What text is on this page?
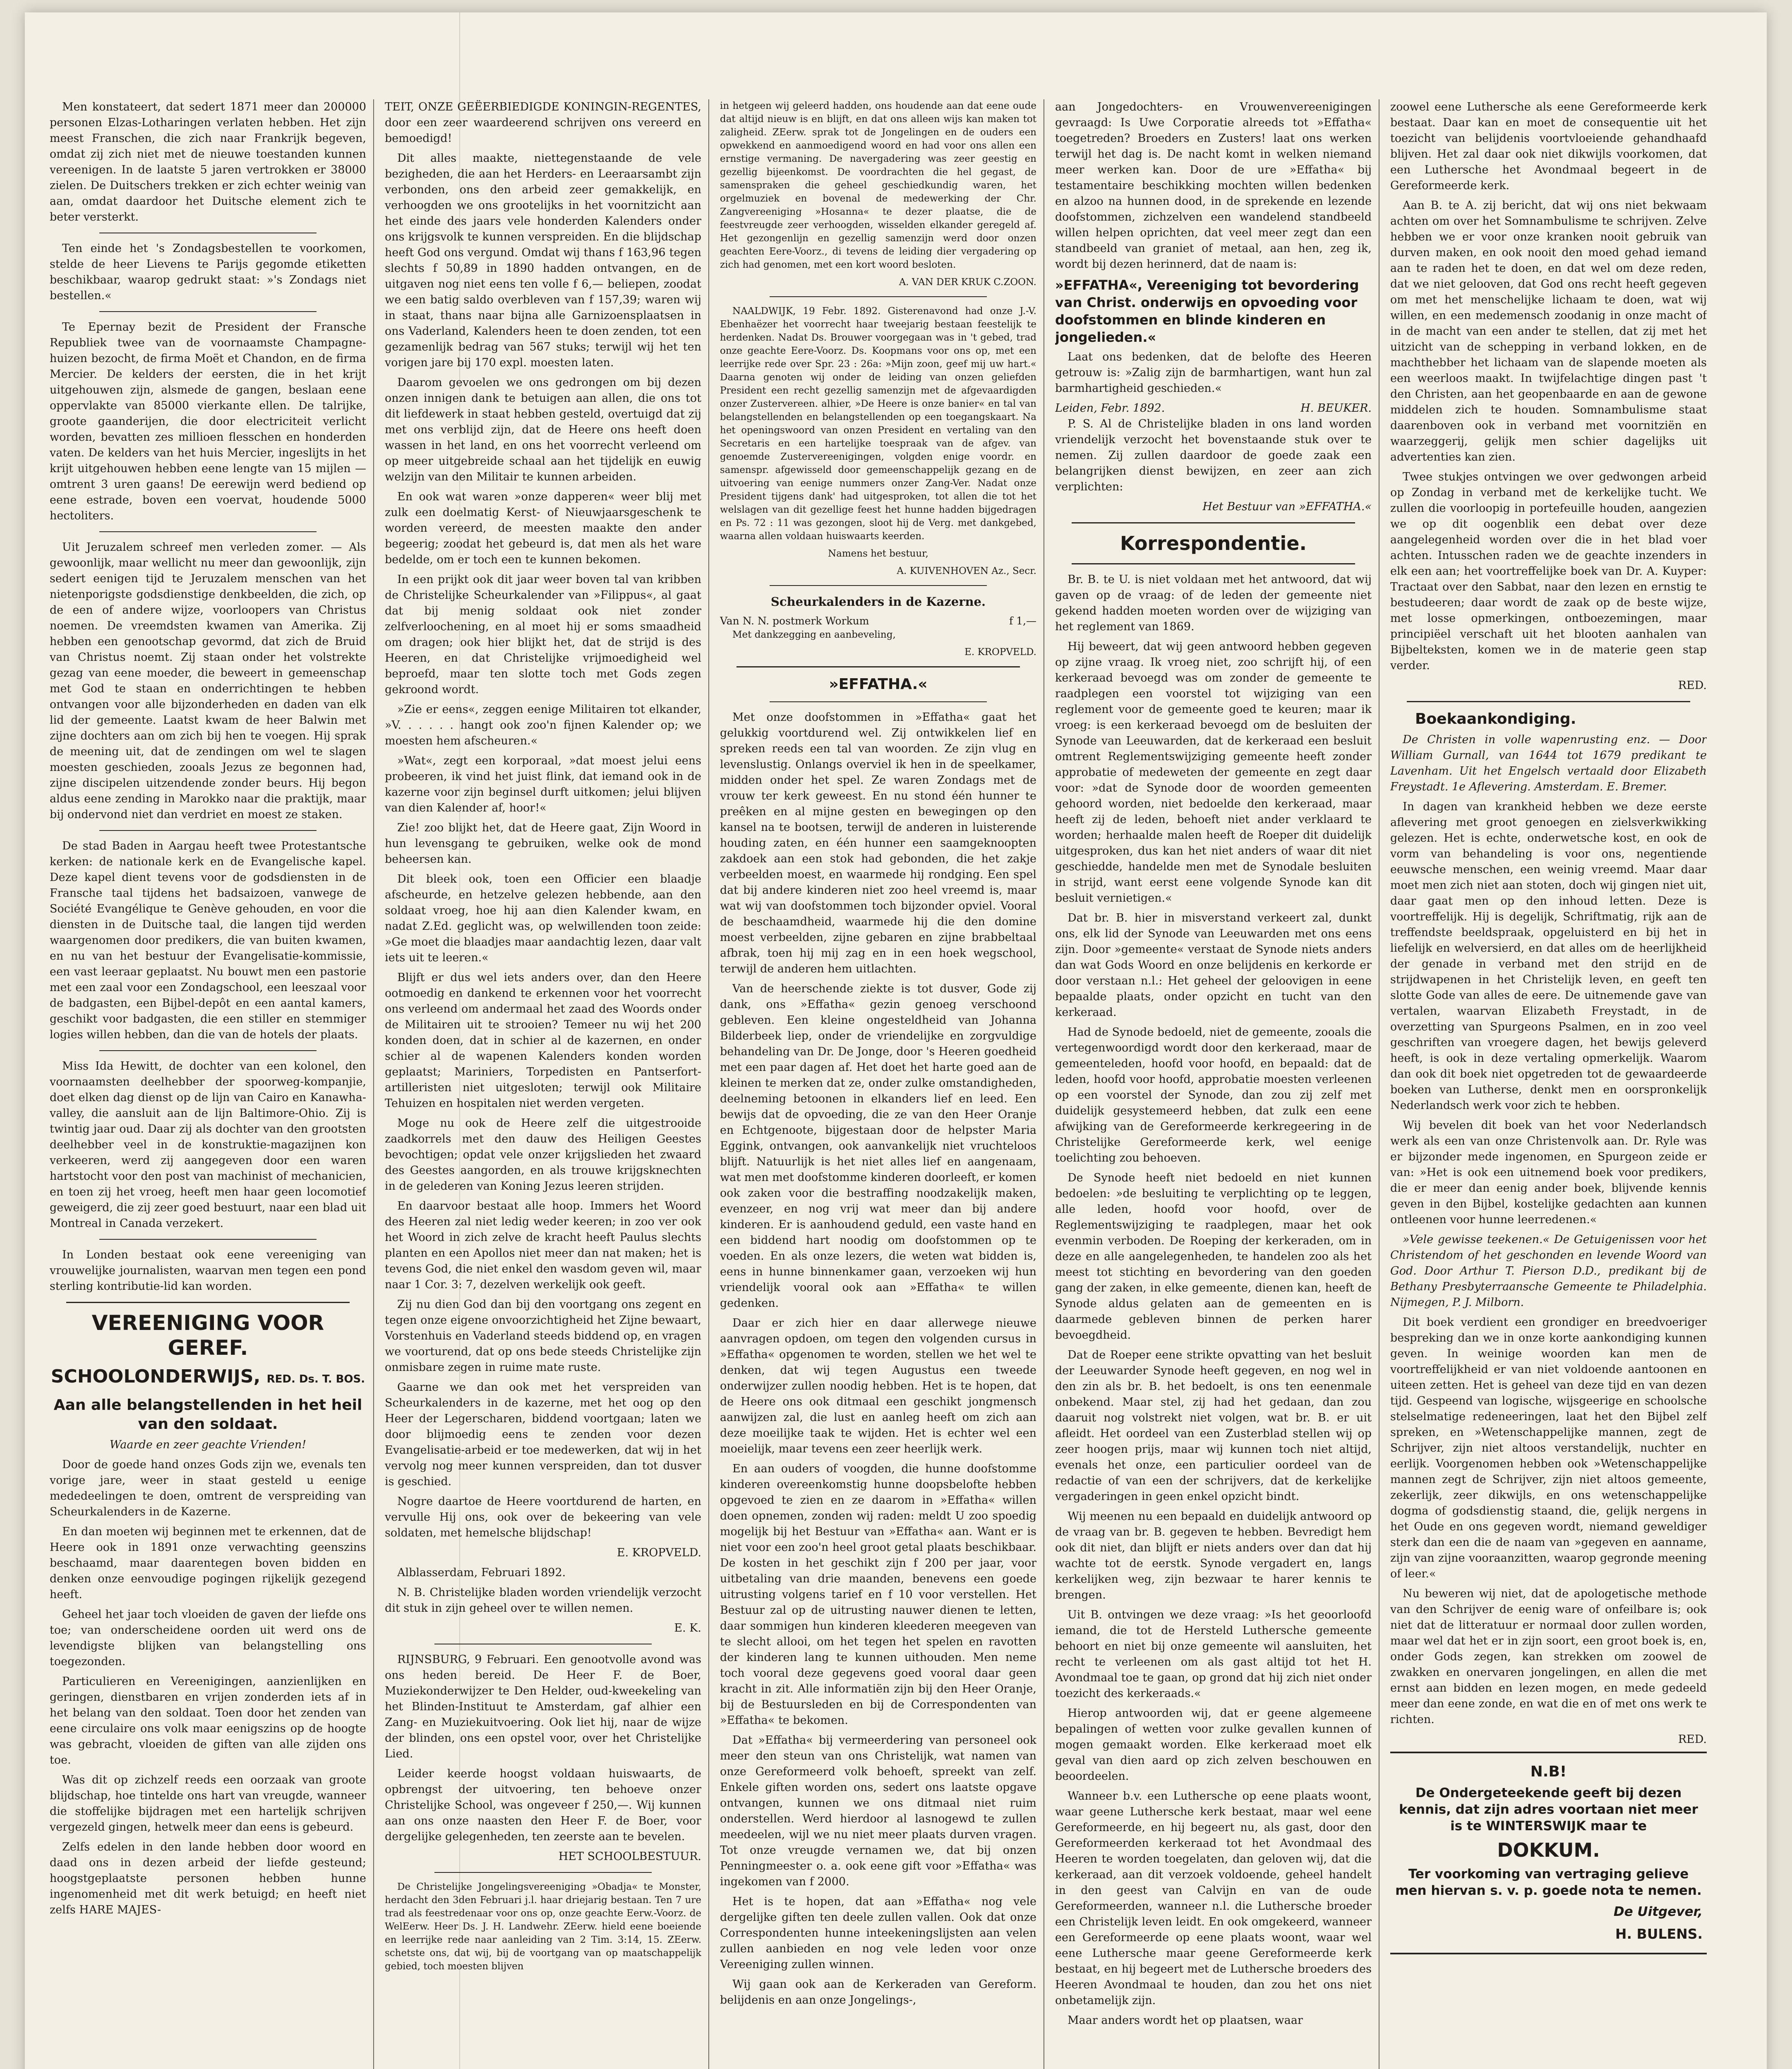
Men konstateert, dat sedert 1871 meer dan 200000 personen Elzas-Lotharingen verlaten hebben. Het zijn meest Franschen, die zich naar Frankrijk begeven, omdat zij zich niet met de nieuwe toestanden kunnen vereenigen. In de laatste 5 jaren vertrokken er 38000 zielen. De Duitschers trekken er zich echter weinig van aan, omdat daardoor het Duitsche element zich te beter versterkt.

Ten einde het 's Zondagsbestellen te voorkomen, stelde de heer Lievens te Parijs gegomde etiketten beschikbaar, waarop gedrukt staat: »'s Zondags niet bestellen.«

Te Epernay bezit de President der Fransche Republiek twee van de voornaamste Champagne-huizen bezocht, de firma Moët et Chandon, en de firma Mercier. De kelders der eersten, die in het krijt uitgehouwen zijn, alsmede de gangen, beslaan eene oppervlakte van 85000 vierkante ellen. De talrijke, groote gaanderijen, die door electriciteit verlicht worden, bevatten zes millioen flesschen en honderden vaten. De kelders van het huis Mercier, ingeslijts in het krijt uitgehouwen hebben eene lengte van 15 mijlen — omtrent 3 uren gaans! De eerewijn werd bediend op eene estrade, boven een voervat, houdende 5000 hectoliters.

Uit Jeruzalem schreef men verleden zomer. — Als gewoonlijk, maar wellicht nu meer dan gewoonlijk, zijn sedert eenigen tijd te Jeruzalem menschen van het nietenporigste godsdienstige denkbeelden, die zich, op de een of andere wijze, voorloopers van Christus noemen. De vreemdsten kwamen van Amerika. Zij hebben een genootschap gevormd, dat zich de Bruid van Christus noemt. Zij staan onder het volstrekte gezag van eene moeder, die beweert in gemeenschap met God te staan en onderrichtingen te hebben ontvangen voor alle bijzonderheden en daden van elk lid der gemeente. Laatst kwam de heer Balwin met zijne dochters aan om zich bij hen te voegen. Hij sprak de meening uit, dat de zendingen om wel te slagen moesten geschieden, zooals Jezus ze begonnen had, zijne discipelen uitzendende zonder beurs. Hij begon aldus eene zending in Marokko naar die praktijk, maar bij ondervond niet dan verdriet en moest ze staken.

De stad Baden in Aargau heeft twee Protestantsche kerken: de nationale kerk en de Evangelische kapel. Deze kapel dient tevens voor de godsdiensten in de Fransche taal tijdens het badsaizoen, vanwege de Société Evangélique te Genève gehouden, en voor die diensten in de Duitsche taal, die langen tijd werden waargenomen door predikers, die van buiten kwamen, en nu van het bestuur der Evangelisatie-kommissie, een vast leeraar geplaatst. Nu bouwt men een pastorie met een zaal voor een Zondagschool, een leeszaal voor de badgasten, een Bijbel-depôt en een aantal kamers, geschikt voor badgasten, die een stiller en stemmiger logies willen hebben, dan die van de hotels der plaats.

Miss Ida Hewitt, de dochter van een kolonel, den voornaamsten deelhebber der spoorweg-kompanjie, doet elken dag dienst op de lijn van Cairo en Kanawha-valley, die aansluit aan de lijn Baltimore-Ohio. Zij is twintig jaar oud. Daar zij als dochter van den grootsten deelhebber veel in de konstruktie-magazijnen kon verkeeren, werd zij aangegeven door een waren hartstocht voor den post van machinist of mechanicien, en toen zij het vroeg, heeft men haar geen locomotief geweigerd, die zij zeer goed bestuurt, naar een blad uit Montreal in Canada verzekert.

In Londen bestaat ook eene vereeniging van vrouwelijke journalisten, waarvan men tegen een pond sterling kontributie-lid kan worden.

VEREENIGING VOOR GEREF.
SCHOOLONDERWIJS, RED. Ds. T. BOS.
Aan alle belangstellenden in het heil van den soldaat.

Waarde en zeer geachte Vrienden!

Door de goede hand onzes Gods zijn we, evenals ten vorige jare, weer in staat gesteld u eenige mededeelingen te doen, omtrent de verspreiding van Scheurkalenders in de Kazerne.

En dan moeten wij beginnen met te erkennen, dat de Heere ook in 1891 onze verwachting geenszins beschaamd, maar daarentegen boven bidden en denken onze eenvoudige pogingen rijkelijk gezegend heeft.

Geheel het jaar toch vloeiden de gaven der liefde ons toe; van onderscheidene oorden uit werd ons de levendigste blijken van belangstelling ons toegezonden.

Particulieren en Vereenigingen, aanzienlijken en geringen, dienstbaren en vrijen zonderden iets af in het belang van den soldaat. Toen door het zenden van eene circulaire ons volk maar eenigszins op de hoogte was gebracht, vloeiden de giften van alle zijden ons toe.

Was dit op zichzelf reeds een oorzaak van groote blijdschap, hoe tintelde ons hart van vreugde, wanneer die stoffelijke bijdragen met een hartelijk schrijven vergezeld gingen, hetwelk meer dan eens is gebeurd.

Zelfs edelen in den lande hebben door woord en daad ons in dezen arbeid der liefde gesteund; hoogstgeplaatste personen hebben hunne ingenomenheid met dit werk betuigd; en heeft niet zelfs HARE MAJES-

TEIT, ONZE GEËERBIEDIGDE KONINGIN-REGENTES, door een zeer waardeerend schrijven ons vereerd en bemoedigd!

Dit alles maakte, niettegenstaande de vele bezigheden, die aan het Herders- en Leeraarsambt zijn verbonden, ons den arbeid zeer gemakkelijk, en verhoogden we ons grootelijks in het voornitzicht aan het einde des jaars vele honderden Kalenders onder ons krijgsvolk te kunnen verspreiden. En die blijdschap heeft God ons vergund. Omdat wij thans f 163,96 tegen slechts f 50,89 in 1890 hadden ontvangen, en de uitgaven nog niet eens ten volle f 6,— beliepen, zoodat we een batig saldo overbleven van f 157,39; waren wij in staat, thans naar bijna alle Garnizoensplaatsen in ons Vaderland, Kalenders heen te doen zenden, tot een gezamenlijk bedrag van 567 stuks; terwijl wij het ten vorigen jare bij 170 expl. moesten laten.

Daarom gevoelen we ons gedrongen om bij dezen onzen innigen dank te betuigen aan allen, die ons tot dit liefdewerk in staat hebben gesteld, overtuigd dat zij met ons verblijd zijn, dat de Heere ons heeft doen wassen in het land, en ons het voorrecht verleend om op meer uitgebreide schaal aan het tijdelijk en euwig welzijn van den Militair te kunnen arbeiden.

En ook wat waren »onze dapperen« weer blij met zulk een doelmatig Kerst- of Nieuwjaarsgeschenk te worden vereerd, de meesten maakte den ander begeerig; zoodat het gebeurd is, dat men als het ware bedelde, om er toch een te kunnen bekomen.

In een prijkt ook dit jaar weer boven tal van kribben de Christelijke Scheurkalender van »Filippus«, al gaat dat bij menig soldaat ook niet zonder zelfverloochening, en al moet hij er soms smaadheid om dragen; ook hier blijkt het, dat de strijd is des Heeren, en dat Christelijke vrijmoedigheid wel beproefd, maar ten slotte toch met Gods zegen gekroond wordt.

»Zie er eens«, zeggen eenige Militairen tot elkander, »V. . . . . . hangt ook zoo'n fijnen Kalender op; we moesten hem afscheuren.«

»Wat«, zegt een korporaal, »dat moest jelui eens probeeren, ik vind het juist flink, dat iemand ook in de kazerne voor zijn beginsel durft uitkomen; jelui blijven van dien Kalender af, hoor!«

Zie! zoo blijkt het, dat de Heere gaat, Zijn Woord in hun levensgang te gebruiken, welke ook de mond beheersen kan.

Dit bleek ook, toen een Officier een blaadje afscheurde, en hetzelve gelezen hebbende, aan den soldaat vroeg, hoe hij aan dien Kalender kwam, en nadat Z.Ed. geglicht was, op welwillenden toon zeide: »Ge moet die blaadjes maar aandachtig lezen, daar valt iets uit te leeren.«

Blijft er dus wel iets anders over, dan den Heere ootmoedig en dankend te erkennen voor het voorrecht ons verleend om andermaal het zaad des Woords onder de Militairen uit te strooien? Temeer nu wij het 200 konden doen, dat in schier al de kazernen, en onder schier al de wapenen Kalenders konden worden geplaatst; Mariniers, Torpedisten en Pantserfort-artilleristen niet uitgesloten; terwijl ook Militaire Tehuizen en hospitalen niet werden vergeten.

Moge nu ook de Heere zelf die uitgestrooide zaadkorrels met den dauw des Heiligen Geestes bevochtigen; opdat vele onzer krijgslieden het zwaard des Geestes aangorden, en als trouwe krijgsknechten in de gelederen van Koning Jezus leeren strijden.

En daarvoor bestaat alle hoop. Immers het Woord des Heeren zal niet ledig weder keeren; in zoo ver ook het Woord in zich zelve de kracht heeft Paulus slechts planten en een Apollos niet meer dan nat maken; het is tevens God, die niet enkel den wasdom geven wil, maar naar 1 Cor. 3: 7, dezelven werkelijk ook geeft.

Zij nu dien God dan bij den voortgang ons zegent en tegen onze eigene onvoorzichtigheid het Zijne bewaart, Vorstenhuis en Vaderland steeds biddend op, en vragen we voorturend, dat op ons bede steeds Christelijke zijn onmisbare zegen in ruime mate ruste.

Gaarne we dan ook met het verspreiden van Scheurkalenders in de kazerne, met het oog op den Heer der Legerscharen, biddend voortgaan; laten we door blijmoedig eens te zenden voor dezen Evangelisatie-arbeid er toe medewerken, dat wij in het vervolg nog meer kunnen verspreiden, dan tot dusver is geschied.

Nogre daartoe de Heere voortdurend de harten, en vervulle Hij ons, ook over de bekeering van vele soldaten, met hemelsche blijdschap!

E. KROPVELD.

Alblasserdam, Februari 1892.

N. B. Christelijke bladen worden vriendelijk verzocht dit stuk in zijn geheel over te willen nemen.

E. K.

RIJNSBURG, 9 Februari. Een genootvolle avond was ons heden bereid. De Heer F. de Boer, Muziekonderwijzer te Den Helder, oud-kweekeling van het Blinden-Instituut te Amsterdam, gaf alhier een Zang- en Muziekuitvoering. Ook liet hij, naar de wijze der blinden, ons een opstel voor, over het Christelijke Lied.

Leider keerde hoogst voldaan huiswaarts, de opbrengst der uitvoering, ten behoeve onzer Christelijke School, was ongeveer f 250,—. Wij kunnen aan ons onze naasten den Heer F. de Boer, voor dergelijke gelegenheden, ten zeerste aan te bevelen.

HET SCHOOLBESTUUR.

De Christelijke Jongelingsvereeniging »Obadja« te Monster, herdacht den 3den Februari j.l. haar driejarig bestaan. Ten 7 ure trad als feestredenaar voor ons op, onze geachte Eerw.-Voorz. de WelEerw. Heer Ds. J. H. Landwehr. ZEerw. hield eene boeiende en leerrijke rede naar aanleiding van 2 Tim. 3:14, 15. ZEerw. schetste ons, dat wij, bij de voortgang van op maatschappelijk gebied, toch moesten blijven

in hetgeen wij geleerd hadden, ons houdende aan dat eene oude dat altijd nieuw is en blijft, en dat ons alleen wijs kan maken tot zaligheid. ZEerw. sprak tot de Jongelingen en de ouders een opwekkend en aanmoedigend woord en had voor ons allen een ernstige vermaning. De navergadering was zeer geestig en gezellig bijeenkomst. De voordrachten die hel gegast, de samenspraken die geheel geschiedkundig waren, het orgelmuziek en bovenal de medewerking der Chr. Zangvereeniging »Hosanna« te dezer plaatse, die de feestvreugde zeer verhoogden, wisselden elkander geregeld af. Het gezongenlijn en gezellig samenzijn werd door onzen geachten Eere-Voorz., di tevens de leiding dier vergadering op zich had genomen, met een kort woord besloten.

A. VAN DER KRUK C.ZOON.

NAALDWIJK, 19 Febr. 1892. Gisterenavond had onze J.-V. Ebenhaëzer het voorrecht haar tweejarig bestaan feestelijk te herdenken. Nadat Ds. Brouwer voorgegaan was in 't gebed, trad onze geachte Eere-Voorz. Ds. Koopmans voor ons op, met een leerrijke rede over Spr. 23 : 26a: »Mijn zoon, geef mij uw hart.« Daarna genoten wij onder de leiding van onzen geliefden President een recht gezellig samenzijn met de afgevaardigden onzer Zustervereen. alhier, »De Heere is onze banier« en tal van belangstellenden en belangstellenden op een toegangskaart. Na het openingswoord van onzen President en vertaling van den Secretaris en een hartelijke toespraak van de afgev. van genoemde Zustervereenigingen, volgden enige voordr. en samenspr. afgewisseld door gemeenschappelijk gezang en de uitvoering van eenige nummers onzer Zang-Ver. Nadat onze President tijgens dank' had uitgesproken, tot allen die tot het welslagen van dit gezellige feest het hunne hadden bijgedragen en Ps. 72 : 11 was gezongen, sloot hij de Verg. met dankgebed, waarna allen voldaan huiswaarts keerden.

Namens het bestuur,

A. KUIVENHOVEN Az., Secr.

Scheurkalenders in de Kazerne.
Van N. N. postmerk Workum	f 1,—

Met dankzegging en aanbeveling,

E. KROPVELD.

»EFFATHA.«

Met onze doofstommen in »Effatha« gaat het gelukkig voortdurend wel. Zij ontwikkelen lief en spreken reeds een tal van woorden. Ze zijn vlug en levenslustig. Onlangs overviel ik hen in de speelkamer, midden onder het spel. Ze waren Zondags met de vrouw ter kerk geweest. En nu stond één hunner te preêken en al mijne gesten en bewegingen op den kansel na te bootsen, terwijl de anderen in luisterende houding zaten, en één hunner een saamgeknoopten zakdoek aan een stok had gebonden, die het zakje verbeelden moest, en waarmede hij rondging. Een spel dat bij andere kinderen niet zoo heel vreemd is, maar wat wij van doofstommen toch bijzonder opviel. Vooral de beschaamdheid, waarmede hij die den domine moest verbeelden, zijne gebaren en zijne brabbeltaal afbrak, toen hij mij zag en in een hoek wegschool, terwijl de anderen hem uitlachten.

Van de heerschende ziekte is tot dusver, Gode zij dank, ons »Effatha« gezin genoeg verschoond gebleven. Een kleine ongesteldheid van Johanna Bilderbeek liep, onder de vriendelijke en zorgvuldige behandeling van Dr. De Jonge, door 's Heeren goedheid met een paar dagen af. Het doet het harte goed aan de kleinen te merken dat ze, onder zulke omstandigheden, deelneming betoonen in elkanders lief en leed. Een bewijs dat de opvoeding, die ze van den Heer Oranje en Echtgenoote, bijgestaan door de helpster Maria Eggink, ontvangen, ook aanvankelijk niet vruchteloos blijft. Natuurlijk is het niet alles lief en aangenaam, wat men met doofstomme kinderen doorleeft, er komen ook zaken voor die bestraffing noodzakelijk maken, evenzeer, en nog vrij wat meer dan bij andere kinderen. Er is aanhoudend geduld, een vaste hand en een biddend hart noodig om doofstommen op te voeden. En als onze lezers, die weten wat bidden is, eens in hunne binnenkamer gaan, verzoeken wij hun vriendelijk vooral ook aan »Effatha« te willen gedenken.

Daar er zich hier en daar allerwege nieuwe aanvragen opdoen, om tegen den volgenden cursus in »Effatha« opgenomen te worden, stellen we het wel te denken, dat wij tegen Augustus een tweede onderwijzer zullen noodig hebben. Het is te hopen, dat de Heere ons ook ditmaal een geschikt jongmensch aanwijzen zal, die lust en aanleg heeft om zich aan deze moeilijke taak te wijden. Het is echter wel een moeielijk, maar tevens een zeer heerlijk werk.

En aan ouders of voogden, die hunne doofstomme kinderen overeenkomstig hunne doopsbelofte hebben opgevoed te zien en ze daarom in »Effatha« willen doen opnemen, zonden wij raden: meldt U zoo spoedig mogelijk bij het Bestuur van »Effatha« aan. Want er is niet voor een zoo'n heel groot getal plaats beschikbaar. De kosten in het geschikt zijn f 200 per jaar, voor uitbetaling van drie maanden, benevens een goede uitrusting volgens tarief en f 10 voor verstellen. Het Bestuur zal op de uitrusting nauwer dienen te letten, daar sommigen hun kinderen kleederen meegeven van te slecht allooi, om het tegen het spelen en ravotten der kinderen lang te kunnen uithouden. Men neme toch vooral deze gegevens goed vooral daar geen kracht in zit. Alle informatiën zijn bij den Heer Oranje, bij de Bestuursleden en bij de Correspondenten van »Effatha« te bekomen.

Dat »Effatha« bij vermeerdering van personeel ook meer den steun van ons Christelijk, wat namen van onze Gereformeerd volk behoeft, spreekt van zelf. Enkele giften worden ons, sedert ons laatste opgave ontvangen, kunnen we ons ditmaal niet ruim onderstellen. Werd hierdoor al lasnogewd te zullen meedeelen, wijl we nu niet meer plaats durven vragen. Tot onze vreugde vernamen we, dat bij onzen Penningmeester o. a. ook eene gift voor »Effatha« was ingekomen van f 2000.

Het is te hopen, dat aan »Effatha« nog vele dergelijke giften ten deele zullen vallen. Ook dat onze Correspondenten hunne inteekeningslijsten aan velen zullen aanbieden en nog vele leden voor onze Vereeniging zullen winnen.

Wij gaan ook aan de Kerkeraden van Gereform. belijdenis en aan onze Jongelings-,

aan Jongedochters- en Vrouwenvereenigingen gevraagd: Is Uwe Corporatie alreeds tot »Effatha« toegetreden? Broeders en Zusters! laat ons werken terwijl het dag is. De nacht komt in welken niemand meer werken kan. Door de ure »Effatha« bij testamentaire beschikking mochten willen bedenken en alzoo na hunnen dood, in de sprekende en lezende doofstommen, zichzelven een wandelend standbeeld willen helpen oprichten, dat veel meer zegt dan een standbeeld van graniet of metaal, aan hen, zeg ik, wordt bij dezen herinnerd, dat de naam is:

»EFFATHA«, Vereeniging tot bevordering van Christ. onderwijs en opvoeding voor doofstommen en blinde kinderen en jongelieden.«

Laat ons bedenken, dat de belofte des Heeren getrouw is: »Zalig zijn de barmhartigen, want hun zal barmhartigheid geschieden.«

Leiden, Febr. 1892.	H. BEUKER.

P. S. Al de Christelijke bladen in ons land worden vriendelijk verzocht het bovenstaande stuk over te nemen. Zij zullen daardoor de goede zaak een belangrijken dienst bewijzen, en zeer aan zich verplichten:

Het Bestuur van »EFFATHA.«

Korrespondentie.

Br. B. te U. is niet voldaan met het antwoord, dat wij gaven op de vraag: of de leden der gemeente niet gekend hadden moeten worden over de wijziging van het reglement van 1869.

Hij beweert, dat wij geen antwoord hebben gegeven op zijne vraag. Ik vroeg niet, zoo schrijft hij, of een kerkeraad bevoegd was om zonder de gemeente te raadplegen een voorstel tot wijziging van een reglement voor de gemeente goed te keuren; maar ik vroeg: is een kerkeraad bevoegd om de besluiten der Synode van Leeuwarden, dat de kerkeraad een besluit omtrent Reglementswijziging gemeente heeft zonder approbatie of medeweten der gemeente en zegt daar voor: »dat de Synode door de woorden gemeenten gehoord worden, niet bedoelde den kerkeraad, maar heeft zij de leden, behoeft niet ander verklaard te worden; herhaalde malen heeft de Roeper dit duidelijk uitgesproken, dus kan het niet anders of waar dit niet geschiedde, handelde men met de Synodale besluiten in strijd, want eerst eene volgende Synode kan dit besluit vernietigen.«

Dat br. B. hier in misverstand verkeert zal, dunkt ons, elk lid der Synode van Leeuwarden met ons eens zijn. Door »gemeente« verstaat de Synode niets anders dan wat Gods Woord en onze belijdenis en kerkorde er door verstaan n.l.: Het geheel der geloovigen in eene bepaalde plaats, onder opzicht en tucht van den kerkeraad.

Had de Synode bedoeld, niet de gemeente, zooals die vertegenwoordigd wordt door den kerkeraad, maar de gemeenteleden, hoofd voor hoofd, en bepaald: dat de leden, hoofd voor hoofd, approbatie moesten verleenen op een voorstel der Synode, dan zou zij zelf met duidelijk gesystemeerd hebben, dat zulk een eene afwijking van de Gereformeerde kerkregeering in de Christelijke Gereformeerde kerk, wel eenige toelichting zou behoeven.

De Synode heeft niet bedoeld en niet kunnen bedoelen: »de besluiting te verplichting op te leggen, alle leden, hoofd voor hoofd, over de Reglementswijziging te raadplegen, maar het ook evenmin verboden. De Roeping der kerkeraden, om in deze en alle aangelegenheden, te handelen zoo als het meest tot stichting en bevordering van den goeden gang der zaken, in elke gemeente, dienen kan, heeft de Synode aldus gelaten aan de gemeenten en is daarmede gebleven binnen de perken harer bevoegdheid.

Dat de Roeper eene strikte opvatting van het besluit der Leeuwarder Synode heeft gegeven, en nog wel in den zin als br. B. het bedoelt, is ons ten eenenmale onbekend. Maar stel, zij had het gedaan, dan zou daaruit nog volstrekt niet volgen, wat br. B. er uit afleidt. Het oordeel van een Zusterblad stellen wij op zeer hoogen prijs, maar wij kunnen toch niet altijd, evenals het onze, een particulier oordeel van de redactie of van een der schrijvers, dat de kerkelijke vergaderingen in geen enkel opzicht bindt.

Wij meenen nu een bepaald en duidelijk antwoord op de vraag van br. B. gegeven te hebben. Bevredigt hem ook dit niet, dan blijft er niets anders over dan dat hij wachte tot de eerstk. Synode vergadert en, langs kerkelijken weg, zijn bezwaar te harer kennis te brengen.

Uit B. ontvingen we deze vraag: »Is het geoorloofd iemand, die tot de Hersteld Luthersche gemeente behoort en niet bij onze gemeente wil aansluiten, het recht te verleenen om als gast altijd tot het H. Avondmaal toe te gaan, op grond dat hij zich niet onder toezicht des kerkeraads.«

Hierop antwoorden wij, dat er geene algemeene bepalingen of wetten voor zulke gevallen kunnen of mogen gemaakt worden. Elke kerkeraad moet elk geval van dien aard op zich zelven beschouwen en beoordeelen.

Wanneer b.v. een Luthersche op eene plaats woont, waar geene Luthersche kerk bestaat, maar wel eene Gereformeerde, en hij begeert nu, als gast, door den Gereformeerden kerkeraad tot het Avondmaal des Heeren te worden toegelaten, dan geloven wij, dat die kerkeraad, aan dit verzoek voldoende, geheel handelt in den geest van Calvijn en van de oude Gereformeerden, wanneer n.l. die Luthersche broeder een Christelijk leven leidt. En ook omgekeerd, wanneer een Gereformeerde op eene plaats woont, waar wel eene Luthersche maar geene Gereformeerde kerk bestaat, en hij begeert met de Luthersche broeders des Heeren Avondmaal te houden, dan zou het ons niet onbetamelijk zijn.

Maar anders wordt het op plaatsen, waar

zoowel eene Luthersche als eene Gereformeerde kerk bestaat. Daar kan en moet de consequentie uit het toezicht van belijdenis voortvloeiende gehandhaafd blijven. Het zal daar ook niet dikwijls voorkomen, dat een Luthersche het Avondmaal begeert in de Gereformeerde kerk.

Aan B. te A. zij bericht, dat wij ons niet bekwaam achten om over het Somnambulisme te schrijven. Zelve hebben we er voor onze kranken nooit gebruik van durven maken, en ook nooit den moed gehad iemand aan te raden het te doen, en dat wel om deze reden, dat we niet gelooven, dat God ons recht heeft gegeven om met het menschelijke lichaam te doen, wat wij willen, en een medemensch zoodanig in onze macht of in de macht van een ander te stellen, dat zij met het uitzicht van de schepping in verband lokken, en de machthebber het lichaam van de slapende moeten als een weerloos maakt. In twijfelachtige dingen past 't den Christen, aan het geopenbaarde en aan de gewone middelen zich te houden. Somnambulisme staat daarenboven ook in verband met voornitziën en waarzeggerij, gelijk men schier dagelijks uit advertenties kan zien.

Twee stukjes ontvingen we over gedwongen arbeid op Zondag in verband met de kerkelijke tucht. We zullen die voorloopig in portefeuille houden, aangezien we op dit oogenblik een debat over deze aangelegenheid worden over die in het blad voer achten. Intusschen raden we de geachte inzenders in elk een aan; het voortreffelijke boek van Dr. A. Kuyper: Tractaat over den Sabbat, naar den lezen en ernstig te bestudeeren; daar wordt de zaak op de beste wijze, met losse opmerkingen, ontboezemingen, maar principiëel verschaft uit het blooten aanhalen van Bijbelteksten, komen we in de materie geen stap verder.

RED.

Boekaankondiging.

De Christen in volle wapenrusting enz. — Door William Gurnall, van 1644 tot 1679 predikant te Lavenham. Uit het Engelsch vertaald door Elizabeth Freystadt. 1e Aflevering. Amsterdam. E. Bremer.

In dagen van krankheid hebben we deze eerste aflevering met groot genoegen en zielsverkwikking gelezen. Het is echte, onderwetsche kost, en ook de vorm van behandeling is voor ons, negentiende eeuwsche menschen, een weinig vreemd. Maar daar moet men zich niet aan stoten, doch wij gingen niet uit, daar gaat men op den inhoud letten. Deze is voortreffelijk. Hij is degelijk, Schriftmatig, rijk aan de treffendste beeldspraak, opgeluisterd en bij het in liefelijk en welversierd, en dat alles om de heerlijkheid der genade in verband met den strijd en de strijdwapenen in het Christelijk leven, en geeft ten slotte Gode van alles de eere. De uitnemende gave van vertalen, waarvan Elizabeth Freystadt, in de overzetting van Spurgeons Psalmen, en in zoo veel geschriften van vroegere dagen, het bewijs geleverd heeft, is ook in deze vertaling opmerkelijk. Waarom dan ook dit boek niet opgetreden tot de gewaardeerde boeken van Lutherse, denkt men en oorspronkelijk Nederlandsch werk voor zich te hebben.

Wij bevelen dit boek van het voor Nederlandsch werk als een van onze Christenvolk aan. Dr. Ryle was er bijzonder mede ingenomen, en Spurgeon zeide er van: »Het is ook een uitnemend boek voor predikers, die er meer dan eenig ander boek, blijvende kennis geven in den Bijbel, kostelijke gedachten aan kunnen ontleenen voor hunne leerredenen.«

»Vele gewisse teekenen.« De Getuigenissen voor het Christendom of het geschonden en levende Woord van God. Door Arthur T. Pierson D.D., predikant bij de Bethany Presbyterraansche Gemeente te Philadelphia. Nijmegen, P. J. Milborn.

Dit boek verdient een grondiger en breedvoeriger bespreking dan we in onze korte aankondiging kunnen geven. In weinige woorden kan men de voortreffelijkheid er van niet voldoende aantoonen en uiteen zetten. Het is geheel van deze tijd en van dezen tijd. Gespeend van logische, wijsgeerige en schoolsche stelselmatige redeneeringen, laat het den Bijbel zelf spreken, en »Wetenschappelijke mannen, zegt de Schrijver, zijn niet altoos verstandelijk, nuchter en eerlijk. Voorgenomen hebben ook »Wetenschappelijke mannen zegt de Schrijver, zijn niet altoos gemeente, zekerlijk, zeer dikwijls, en ons wetenschappelijke dogma of godsdienstig staand, die, gelijk nergens in het Oude en ons gegeven wordt, niemand geweldiger sterk dan een die de naam van »gegeven en aanname, zijn van zijne vooraanzitten, waarop gegronde meening of leer.«

Nu beweren wij niet, dat de apologetische methode van den Schrijver de eenig ware of onfeilbare is; ook niet dat de litteratuur er normaal door zullen worden, maar wel dat het er in zijn soort, een groot boek is, en, onder Gods zegen, kan strekken om zoowel de zwakken en onervaren jongelingen, en allen die met ernst aan bidden en lezen mogen, en mede gedeeld meer dan eene zonde, en wat die en of met ons werk te richten.

RED.

N.B!
De Ondergeteekende geeft bij dezen kennis, dat zijn adres voortaan niet meer is te WINTERSWIJK maar te
DOKKUM.
Ter voorkoming van vertraging gelieve men hiervan s. v. p. goede nota te nemen.
De Uitgever,
H. BULENS.
